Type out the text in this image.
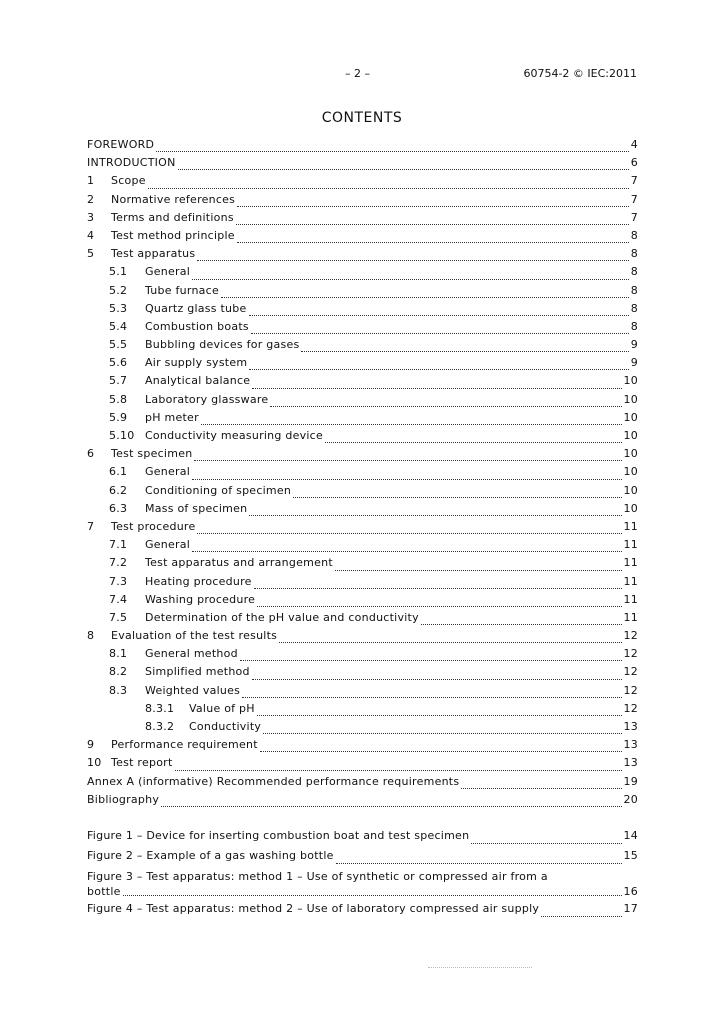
– 2 –	60754-2 © IEC:2011
CONTENTS
FOREWORD	4
INTRODUCTION	6
1	Scope	7
2	Normative references	7
3	Terms and definitions	7
4	Test method principle	8
5	Test apparatus	8
5.1	General	8
5.2	Tube furnace	8
5.3	Quartz glass tube	8
5.4	Combustion boats	8
5.5	Bubbling devices for gases	9
5.6	Air supply system	9
5.7	Analytical balance	10
5.8	Laboratory glassware	10
5.9	pH meter	10
5.10 Conductivity measuring device	10
6	Test specimen	10
6.1	General	10
6.2	Conditioning of specimen	10
6.3	Mass of specimen	10
7	Test procedure	11
7.1	General	11
7.2	Test apparatus and arrangement	11
7.3	Heating procedure	11
7.4	Washing procedure	11
7.5	Determination of the pH value and conductivity	11
8	Evaluation of the test results	12
8.1	General method	12
8.2	Simplified method	12
8.3	Weighted values	12
8.3.1	Value of pH	12
8.3.2	Conductivity	13
9	Performance requirement	13
10 Test report	13
Annex A (informative) Recommended performance requirements	19
Bibliography	20
Figure 1 – Device for inserting combustion boat and test specimen	14
Figure 2 – Example of a gas washing bottle	15
Figure 3 – Test apparatus: method 1 – Use of synthetic or compressed air from a
bottle	16
Figure 4 – Test apparatus: method 2 – Use of laboratory compressed air supply	17
